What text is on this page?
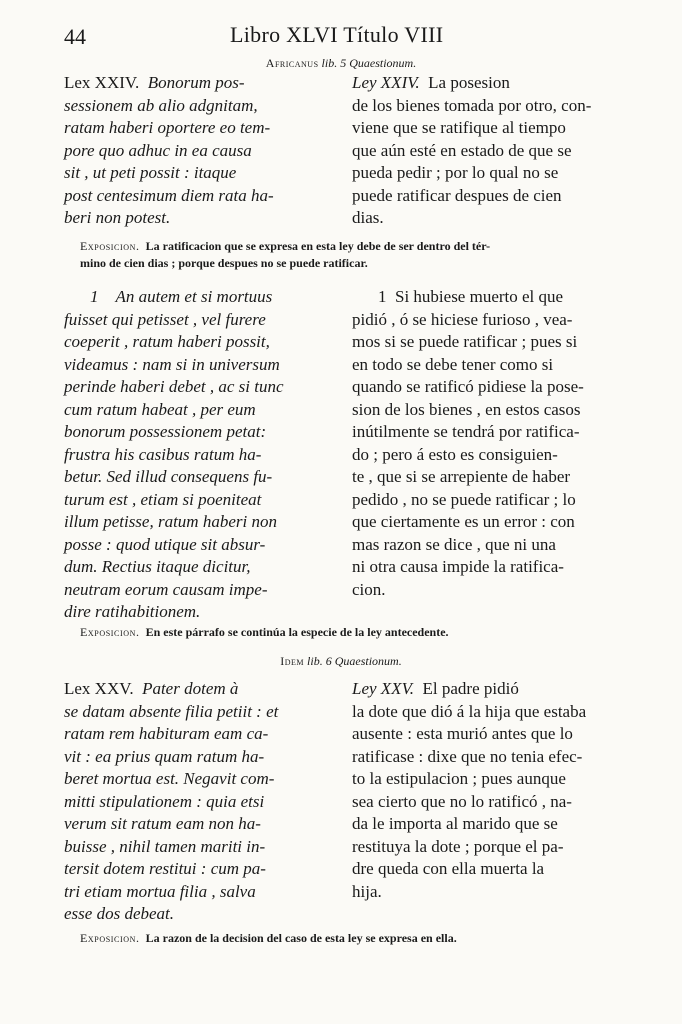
44	Libro XLVI Título VIII
Africanus lib. 5 Quaestionum.
Lex XXIV. Bonorum pos-
sessionem ab alio adgnitam,
ratam haberi oportere eo tem-
pore quo adhuc in ea causa
sit , ut peti possit : itaque
post centesimum diem rata ha-
beri non potest.
Ley XXIV. La posesion
de los bienes tomada por otro, con-
viene que se ratifique al tiempo
que aún esté en estado de que se
pueda pedir ; por lo qual no se
puede ratificar despues de cien
dias.
Exposicion. La ratificacion que se expresa en esta ley debe de ser dentro del tér-
mino de cien dias ; porque despues no se puede ratificar.
1 An autem et si mortuus
fuisset qui petisset , vel furere
coeperit , ratum haberi possit,
videamus : nam si in universum
perinde haberi debet , ac si tunc
cum ratum habeat , per eum
bonorum possessionem petat:
frustra his casibus ratum ha-
betur. Sed illud consequens fu-
turum est , etiam si poeniteat
illum petisse, ratum haberi non
posse : quod utique sit absur-
dum. Rectius itaque dicitur,
neutram eorum causam impe-
dire ratihabitionem.
1 Si hubiese muerto el que
pidió , ó se hiciese furioso , vea-
mos si se puede ratificar ; pues si
en todo se debe tener como si
quando se ratificó pidiese la pose-
sion de los bienes , en estos casos
inútilmente se tendrá por ratifica-
do ; pero á esto es consiguien-
te , que si se arrepiente de haber
pedido , no se puede ratificar ; lo
que ciertamente es un error : con
mas razon se dice , que ni una
ni otra causa impide la ratifica-
cion.
Exposicion. En este párrafo se continúa la especie de la ley antecedente.
Idem lib. 6 Quaestionum.
Lex XXV. Pater dotem à
se datam absente filia petiit : et
ratam rem habituram eam ca-
vit : ea prius quam ratum ha-
beret mortua est. Negavit com-
mitti stipulationem : quia etsi
verum sit ratum eam non ha-
buisse , nihil tamen mariti in-
tersit dotem restitui : cum pa-
tri etiam mortua filia , salva
esse dos debeat.
Ley XXV. El padre pidió
la dote que dió á la hija que estaba
ausente : esta murió antes que lo
ratificase : dixe que no tenia efec-
to la estipulacion ; pues aunque
sea cierto que no lo ratificó , na-
da le importa al marido que se
restituya la dote ; porque el pa-
dre queda con ella muerta la
hija.
Exposicion. La razon de la decision del caso de esta ley se expresa en ella.
